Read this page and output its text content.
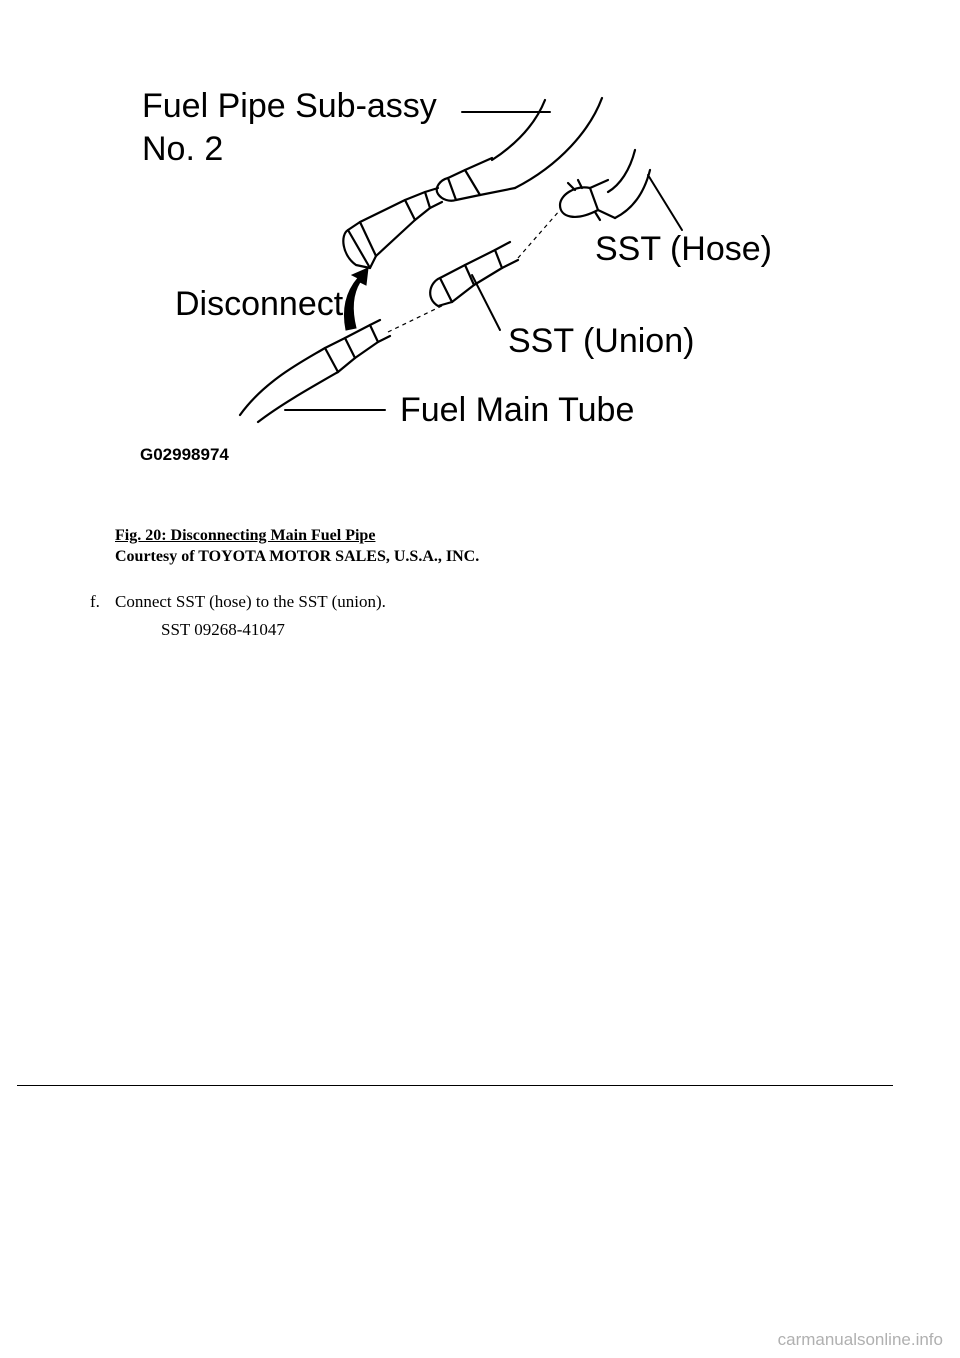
Fuel Pipe Sub-assy
No. 2
SST (Hose)
Disconnect
SST (Union)
Fuel Main Tube
G02998974
Fig. 20: Disconnecting Main Fuel Pipe
Courtesy of TOYOTA MOTOR SALES, U.S.A., INC.
f. Connect SST (hose) to the SST (union).
SST 09268-41047
carmanualsonline.info
